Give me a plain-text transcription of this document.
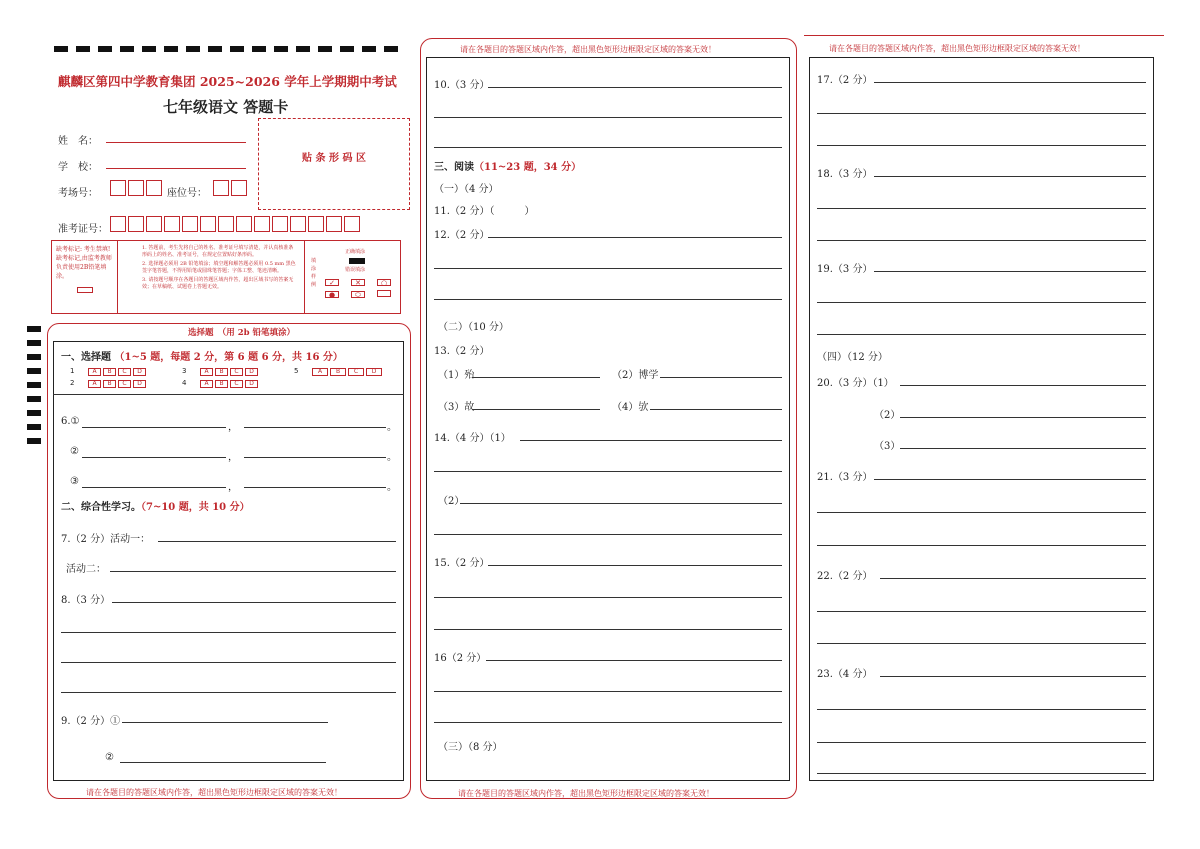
麒麟区第四中学教育集团 2025~2026 学年上学期期中考试
七年级语文 答题卡
姓　名：
学　校：
考场号：	座位号：
贴 条 形 码 区
准考证号：
缺考标记: 考生禁填!缺考标记,由监考教师负责使用2B铅笔填涂。
1. 答题前，考生先将自己的姓名、准考证号填写清楚，并认真核准条形码上的姓名、准考证号，在规定位置贴好条形码。
2. 选择题必须用 2B 铅笔填涂；填空题和解答题必须用 0.5 mm 黑色签字笔答题，不得用铅笔或圆珠笔答题；字体工整、笔迹清晰。
3. 请按题号顺序在各题目的答题区域内作答，超出区域书写的答案无效；在草稿纸、试题卷上答题无效。
填涂样例
正确填涂
错误填涂
✓	✕	○
●	⬭
选择题　（用 2b 铅笔填涂）
一、选择题 （1~5 题，每题 2 分，第 6 题 6 分，共 16 分）
1	A B C D
2	A B C D
3	A B C D
4	A B C D
5	A B C D
6.①
，	。
②
，	。
③
，	。
二、综合性学习。（7~10 题，共 10 分）
7.（2 分）活动一：
活动二：
8.（3 分）
9.（2 分）①
②
请在各题目的答题区域内作答，超出黑色矩形边框限定区域的答案无效！
请在各题目的答题区域内作答，超出黑色矩形边框限定区域的答案无效！
10.（3 分）
三、阅读（11~23 题，34 分）
（一）（4 分）
11.（2 分）（　　　）
12.（2 分）
（二）（10 分）
13.（2 分）
（1）殆	（2）博学
（3）故	（4）欤
14.（4 分）（1）
（2）
15.（2 分）
16（2 分）
（三）（8 分）
请在各题目的答题区域内作答，超出黑色矩形边框限定区域的答案无效！
请在各题目的答题区域内作答，超出黑色矩形边框限定区域的答案无效！
17.（2 分）
18.（3 分）
19.（3 分）
（四）（12 分）
20.（3 分）（1）
（2）
（3）
21.（3 分）
22.（2 分）
23.（4 分）
